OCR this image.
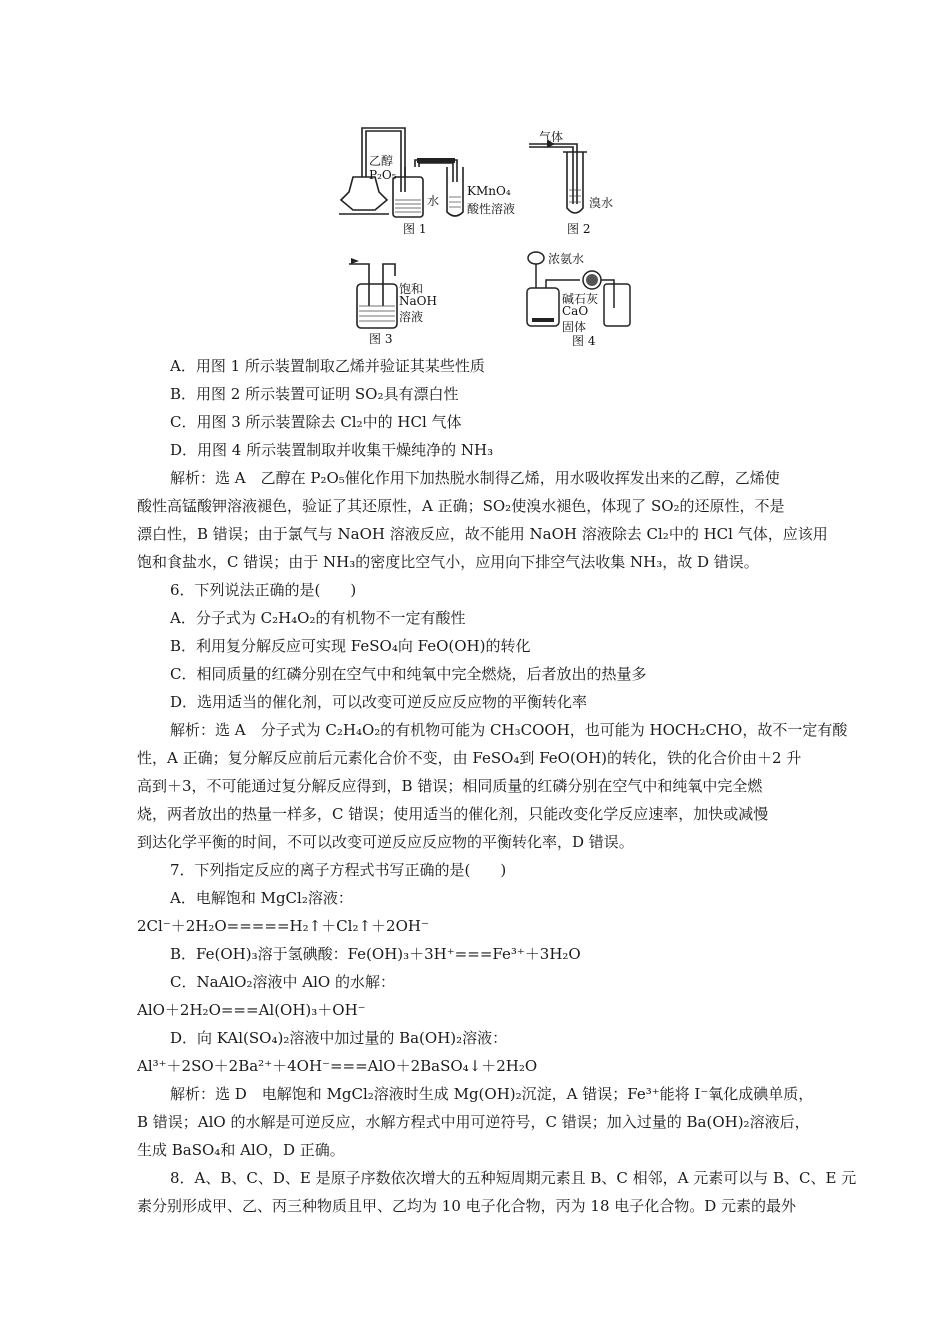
乙醇
P₂O₅
水
KMnO₄
酸性溶液
图 1
气体
溴水
图 2
饱和
NaOH
溶液
图 3
浓氨水
碱石灰
CaO
固体
图 4
A．用图 1 所示装置制取乙烯并验证其某些性质
B．用图 2 所示装置可证明 SO₂具有漂白性
C．用图 3 所示装置除去 Cl₂中的 HCl 气体
D．用图 4 所示装置制取并收集干燥纯净的 NH₃
解析：选 A　乙醇在 P₂O₅催化作用下加热脱水制得乙烯，用水吸收挥发出来的乙醇，乙烯使
酸性高锰酸钾溶液褪色，验证了其还原性，A 正确；SO₂使溴水褪色，体现了 SO₂的还原性，不是
漂白性，B 错误；由于氯气与 NaOH 溶液反应，故不能用 NaOH 溶液除去 Cl₂中的 HCl 气体，应该用
饱和食盐水，C 错误；由于 NH₃的密度比空气小，应用向下排空气法收集 NH₃，故 D 错误。
6．下列说法正确的是(　　)
A．分子式为 C₂H₄O₂的有机物不一定有酸性
B．利用复分解反应可实现 FeSO₄向 FeO(OH)的转化
C．相同质量的红磷分别在空气中和纯氧中完全燃烧，后者放出的热量多
D．选用适当的催化剂，可以改变可逆反应反应物的平衡转化率
解析：选 A　分子式为 C₂H₄O₂的有机物可能为 CH₃COOH，也可能为 HOCH₂CHO，故不一定有酸
性，A 正确；复分解反应前后元素化合价不变，由 FeSO₄到 FeO(OH)的转化，铁的化合价由＋2 升
高到＋3，不可能通过复分解反应得到，B 错误；相同质量的红磷分别在空气中和纯氧中完全燃
烧，两者放出的热量一样多，C 错误；使用适当的催化剂，只能改变化学反应速率，加快或减慢
到达化学平衡的时间，不可以改变可逆反应反应物的平衡转化率，D 错误。
7．下列指定反应的离子方程式书写正确的是(　　)
A．电解饱和 MgCl₂溶液：
2Cl⁻＋2H₂O=====H₂↑＋Cl₂↑＋2OH⁻
B．Fe(OH)₃溶于氢碘酸：Fe(OH)₃＋3H⁺===Fe³⁺＋3H₂O
C．NaAlO₂溶液中 AlO 的水解：
AlO＋2H₂O===Al(OH)₃＋OH⁻
D．向 KAl(SO₄)₂溶液中加过量的 Ba(OH)₂溶液：
Al³⁺＋2SO＋2Ba²⁺＋4OH⁻===AlO＋2BaSO₄↓＋2H₂O
解析：选 D　电解饱和 MgCl₂溶液时生成 Mg(OH)₂沉淀，A 错误；Fe³⁺能将 I⁻氧化成碘单质，
B 错误；AlO 的水解是可逆反应，水解方程式中用可逆符号，C 错误；加入过量的 Ba(OH)₂溶液后，
生成 BaSO₄和 AlO，D 正确。
8．A、B、C、D、E 是原子序数依次增大的五种短周期元素且 B、C 相邻，A 元素可以与 B、C、E 元
素分别形成甲、乙、丙三种物质且甲、乙均为 10 电子化合物，丙为 18 电子化合物。D 元素的最外
